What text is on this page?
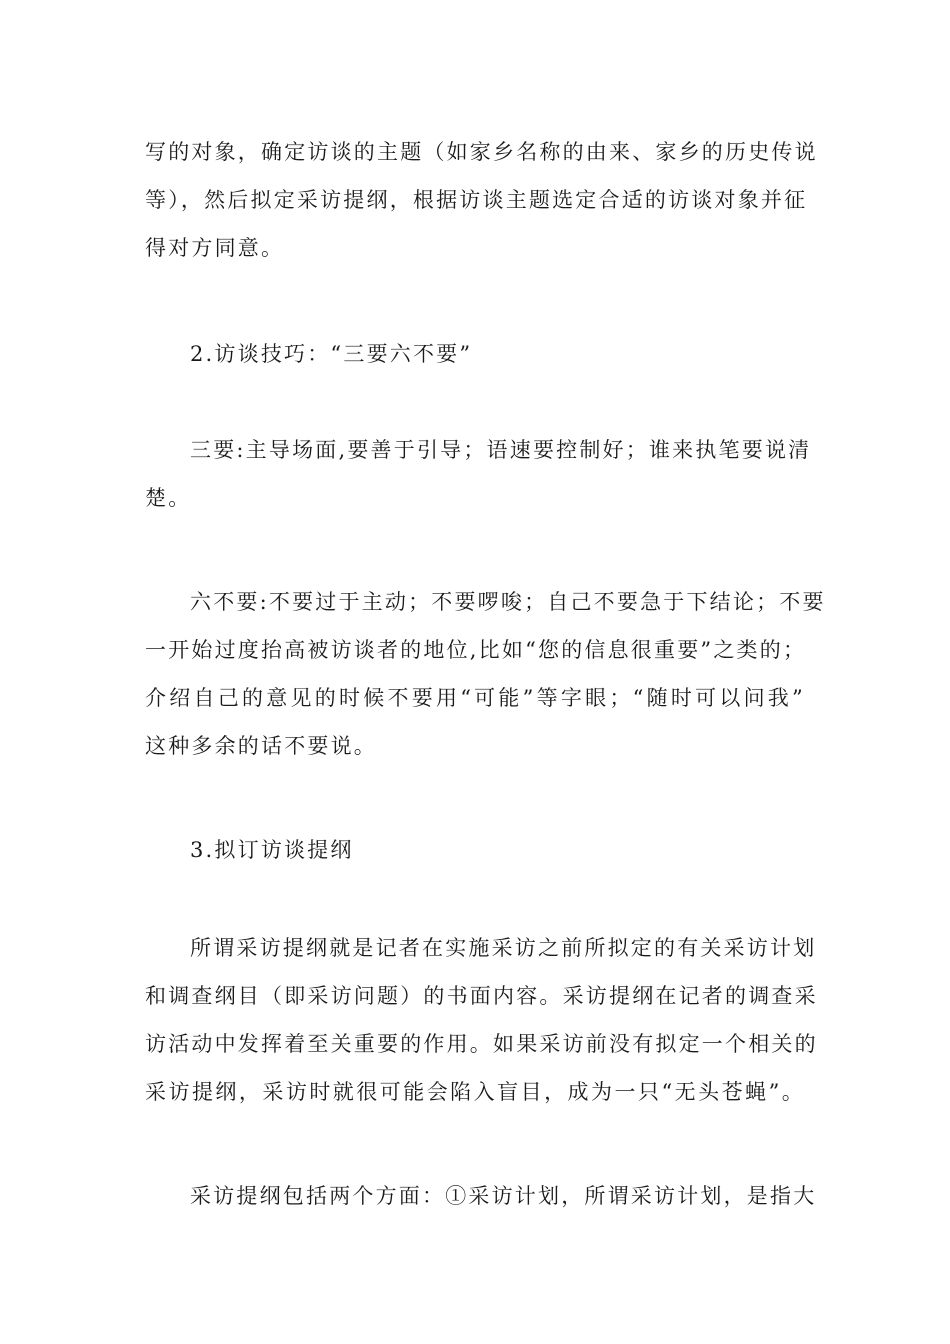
写的对象，确定访谈的主题（如家乡名称的由来、家乡的历史传说
等），然后拟定采访提纲，根据访谈主题选定合适的访谈对象并征
得对方同意。
2.访谈技巧：“三要六不要”
三要:主导场面,要善于引导；语速要控制好；谁来执笔要说清
楚。
六不要:不要过于主动；不要啰唆；自己不要急于下结论；不要
一开始过度抬高被访谈者的地位,比如“您的信息很重要”之类的；
介绍自己的意见的时候不要用“可能”等字眼；“随时可以问我”
这种多余的话不要说。
3.拟订访谈提纲
所谓采访提纲就是记者在实施采访之前所拟定的有关采访计划
和调查纲目（即采访问题）的书面内容。采访提纲在记者的调查采
访活动中发挥着至关重要的作用。如果采访前没有拟定一个相关的
采访提纲，采访时就很可能会陷入盲目，成为一只“无头苍蝇”。
采访提纲包括两个方面：①采访计划，所谓采访计划，是指大
